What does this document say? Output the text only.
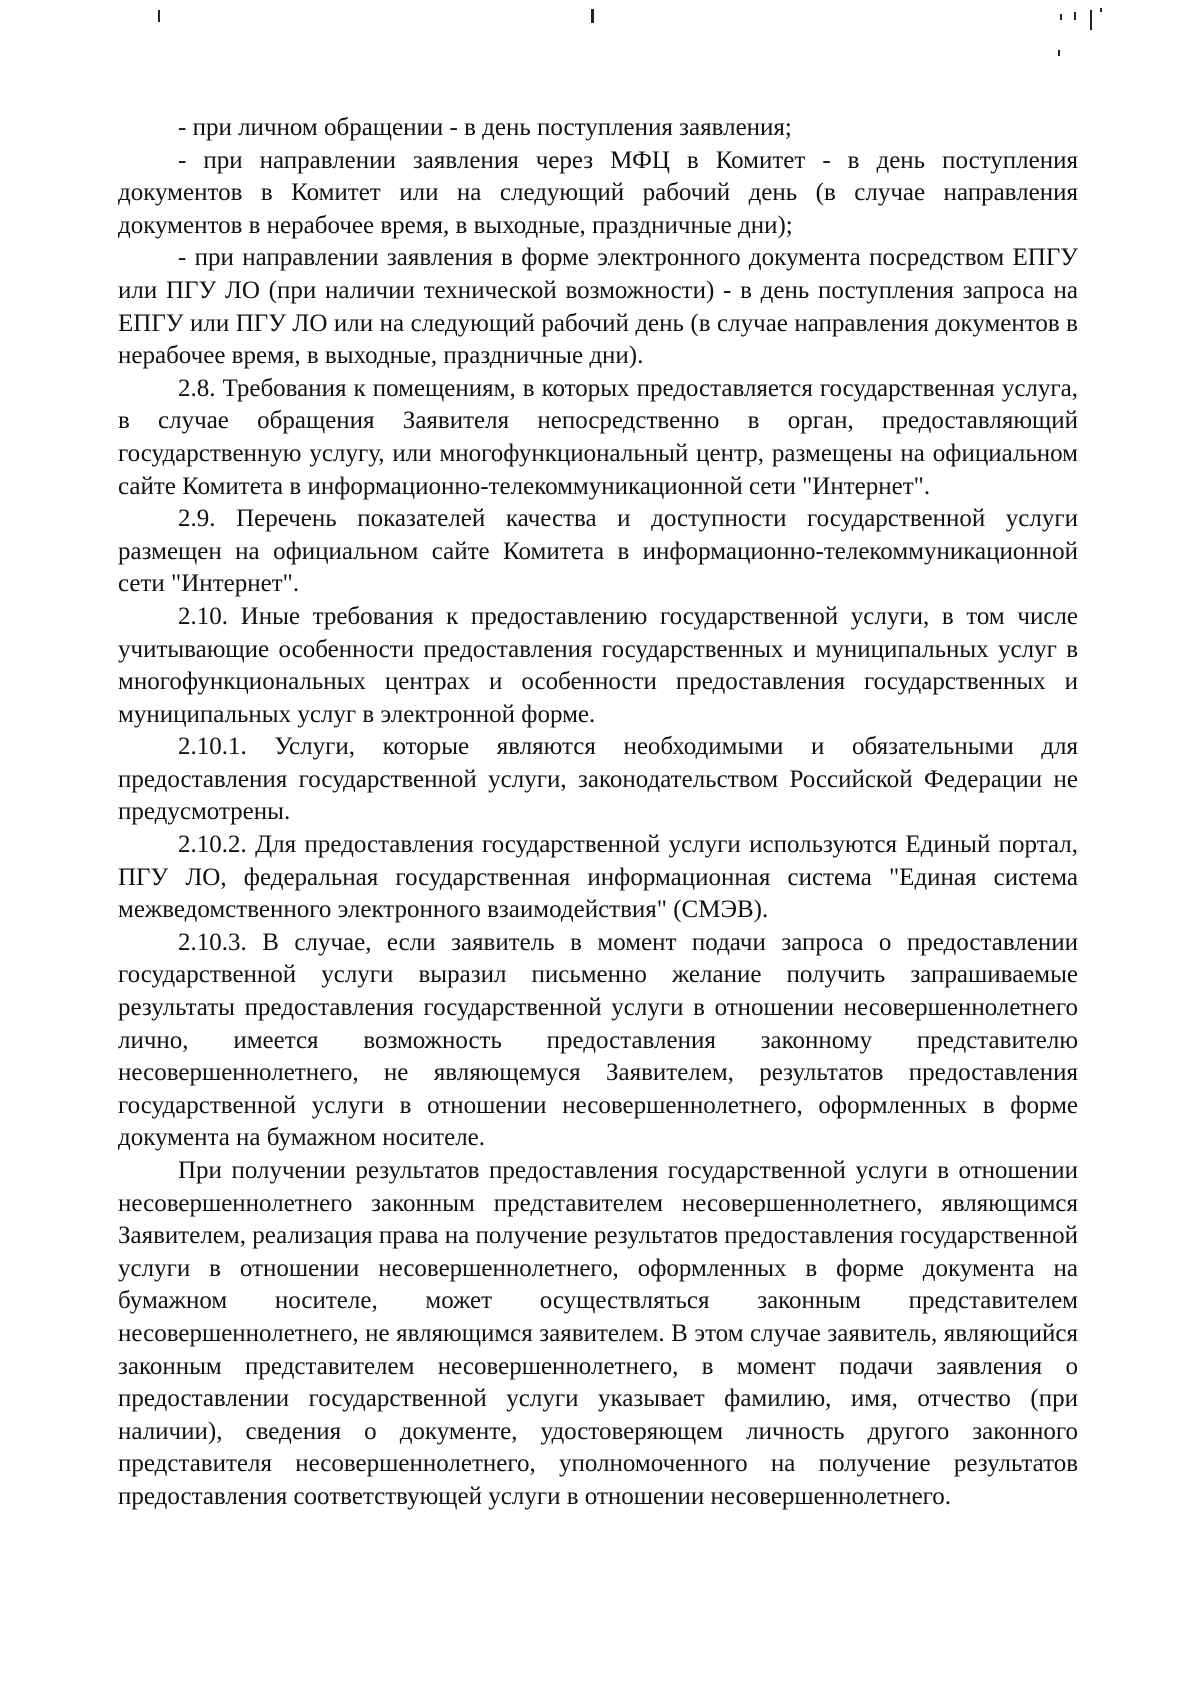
- при личном обращении - в день поступления заявления;

- при направлении заявления через МФЦ в Комитет - в день поступления документов в Комитет или на следующий рабочий день (в случае направления документов в нерабочее время, в выходные, праздничные дни);

- при направлении заявления в форме электронного документа посредством ЕПГУ или ПГУ ЛО (при наличии технической возможности) - в день поступления запроса на ЕПГУ или ПГУ ЛО или на следующий рабочий день (в случае направления документов в нерабочее время, в выходные, праздничные дни).

2.8. Требования к помещениям, в которых предоставляется государственная услуга, в случае обращения Заявителя непосредственно в орган, предоставляющий государственную услугу, или многофункциональный центр, размещены на официальном сайте Комитета в информационно-телекоммуникационной сети "Интернет".

2.9. Перечень показателей качества и доступности государственной услуги размещен на официальном сайте Комитета в информационно-телекоммуникационной сети "Интернет".

2.10. Иные требования к предоставлению государственной услуги, в том числе учитывающие особенности предоставления государственных и муниципальных услуг в многофункциональных центрах и особенности предоставления государственных и муниципальных услуг в электронной форме.

2.10.1. Услуги, которые являются необходимыми и обязательными для предоставления государственной услуги, законодательством Российской Федерации не предусмотрены.

2.10.2. Для предоставления государственной услуги используются Единый портал, ПГУ ЛО, федеральная государственная информационная система "Единая система межведомственного электронного взаимодействия" (СМЭВ).

2.10.3. В случае, если заявитель в момент подачи запроса о предоставлении государственной услуги выразил письменно желание получить запрашиваемые результаты предоставления государственной услуги в отношении несовершеннолетнего лично, имеется возможность предоставления законному представителю несовершеннолетнего, не являющемуся Заявителем, результатов предоставления государственной услуги в отношении несовершеннолетнего, оформленных в форме документа на бумажном носителе.

При получении результатов предоставления государственной услуги в отношении несовершеннолетнего законным представителем несовершеннолетнего, являющимся Заявителем, реализация права на получение результатов предоставления государственной услуги в отношении несовершеннолетнего, оформленных в форме документа на бумажном носителе, может осуществляться законным представителем несовершеннолетнего, не являющимся заявителем. В этом случае заявитель, являющийся законным представителем несовершеннолетнего, в момент подачи заявления о предоставлении государственной услуги указывает фамилию, имя, отчество (при наличии), сведения о документе, удостоверяющем личность другого законного представителя несовершеннолетнего, уполномоченного на получение результатов предоставления соответствующей услуги в отношении несовершеннолетнего.
